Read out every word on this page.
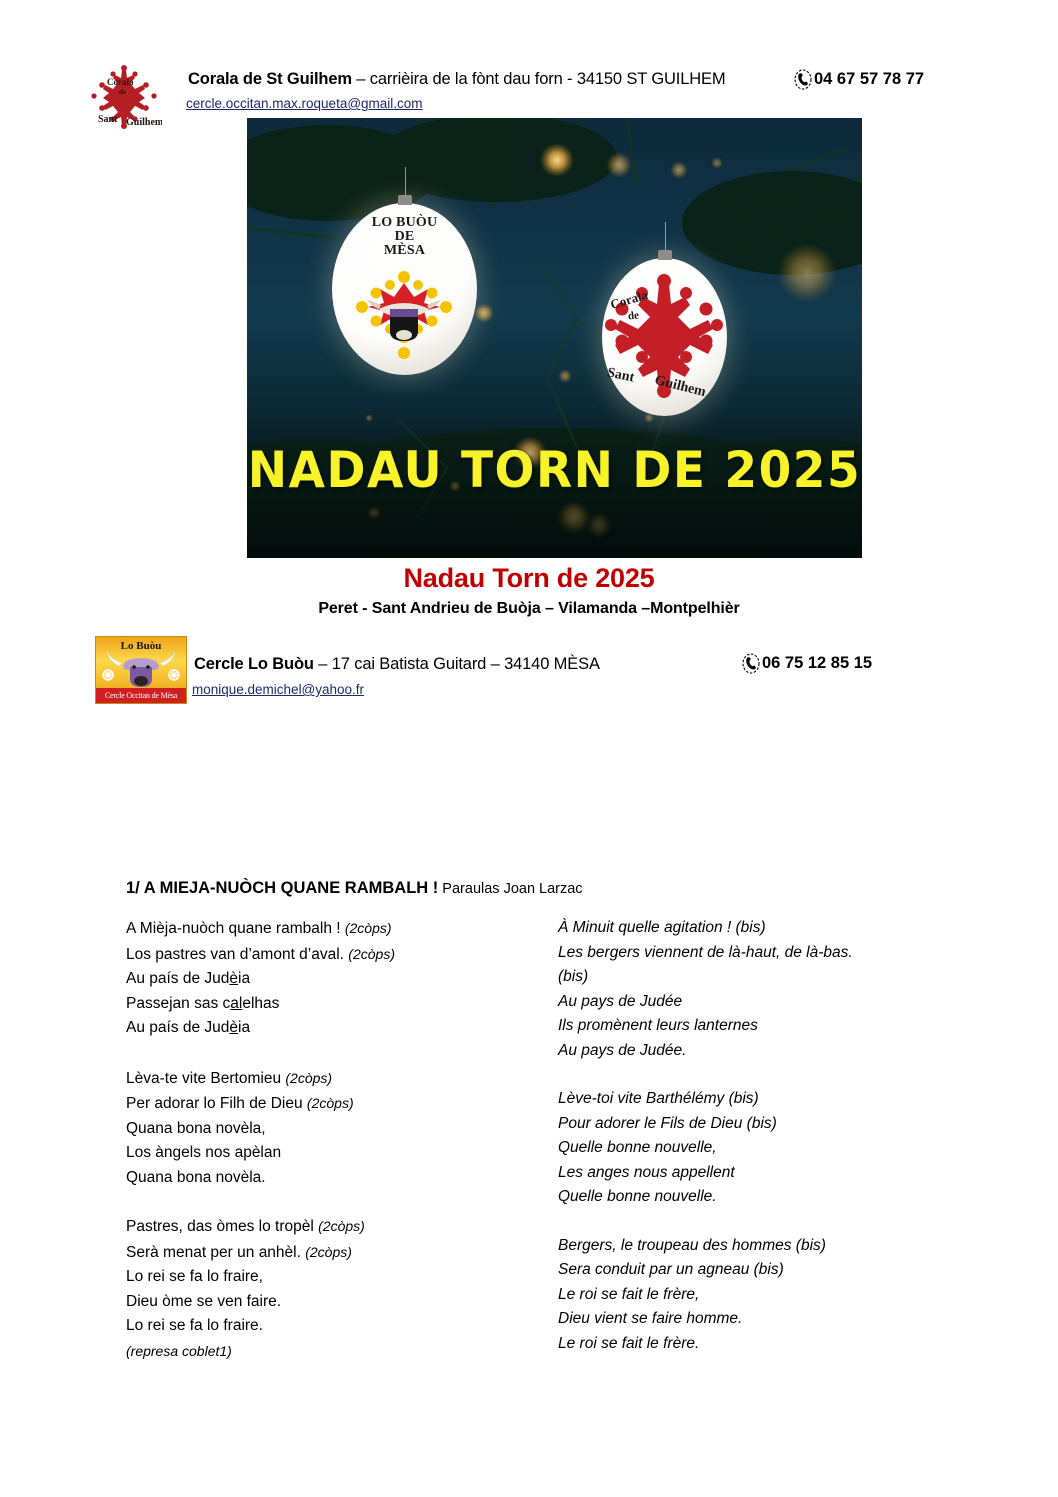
Corala
de
Sant Guilhem
Corala de St Guilhem – carrièira de la fònt dau forn - 34150 ST GUILHEM
cercle.occitan.max.roqueta@gmail.com
04 67 57 78 77
LO BUÒU
DE
MÈSA
Corala
de
Sant Guilhem
NADAU TORN DE 2025
Nadau Torn de 2025
Peret - Sant Andrieu de Buòja – Vilamanda –Montpelhièr
Lo Buòu
Cercle Occitan de Mèsa
Cercle Lo Buòu – 17 cai Batista Guitard – 34140 MÈSA
monique.demichel@yahoo.fr
06 75 12 85 15
1/ A MIEJA-NUÒCH QUANE RAMBALH ! Paraulas Joan Larzac
A Mièja-nuòch quane rambalh ! (2còps)
Los pastres van d’amont d’aval. (2còps)
Au país de Judèia
Passejan sas calelhas
Au país de Judèia
Lèva-te vite Bertomieu (2còps)
Per adorar lo Filh de Dieu (2còps)
Quana bona novèla,
Los àngels nos apèlan
Quana bona novèla.
Pastres, das òmes lo tropèl (2còps)
Serà menat per un anhèl. (2còps)
Lo rei se fa lo fraire,
Dieu òme se ven faire.
Lo rei se fa lo fraire.
(represa coblet1)
À Minuit quelle agitation ! (bis)
Les bergers viennent de là-haut, de là-bas.
(bis)
Au pays de Judée
Ils promènent leurs lanternes
Au pays de Judée.
Lève-toi vite Barthélémy (bis)
Pour adorer le Fils de Dieu (bis)
Quelle bonne nouvelle,
Les anges nous appellent
Quelle bonne nouvelle.
Bergers, le troupeau des hommes (bis)
Sera conduit par un agneau (bis)
Le roi se fait le frère,
Dieu vient se faire homme.
Le roi se fait le frère.
